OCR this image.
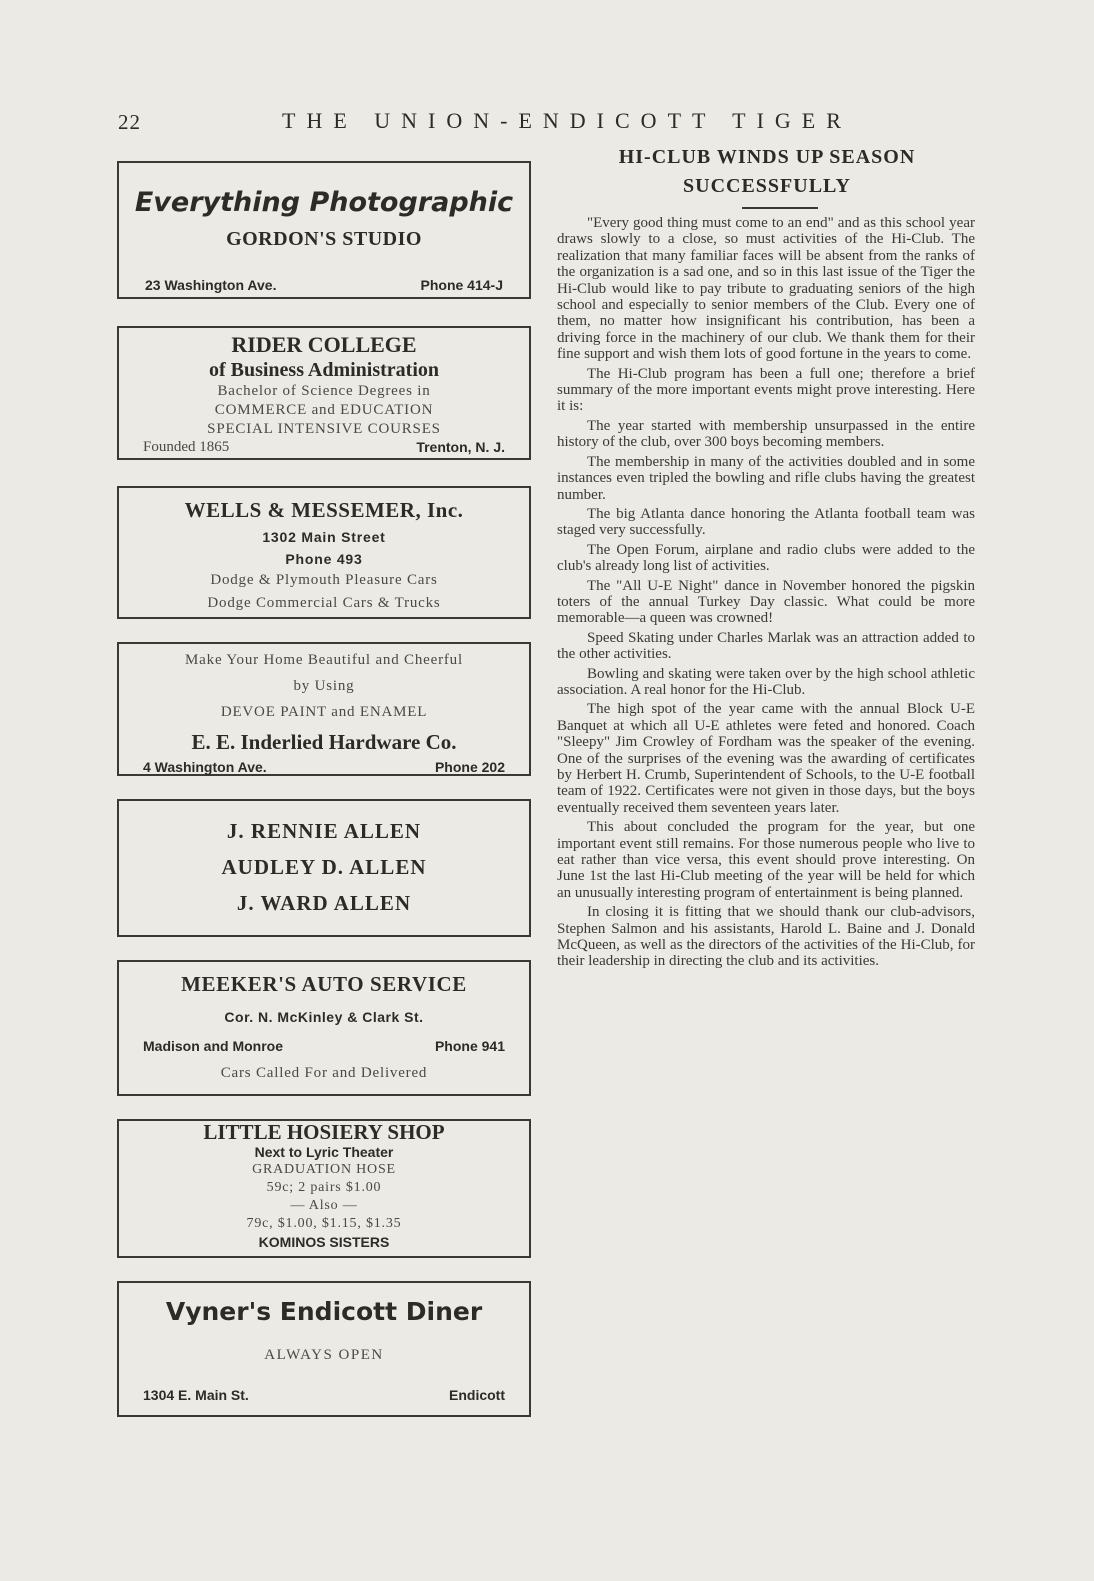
22	THE UNION-ENDICOTT TIGER
Everything Photographic
GORDON'S STUDIO
23 Washington Ave.	Phone 414-J
RIDER COLLEGE
of Business Administration
Bachelor of Science Degrees in
COMMERCE and EDUCATION
SPECIAL INTENSIVE COURSES
Founded 1865	Trenton, N. J.
WELLS & MESSEMER, Inc.
1302 Main Street
Phone 493
Dodge & Plymouth Pleasure Cars
Dodge Commercial Cars & Trucks
Make Your Home Beautiful and Cheerful
by Using
DEVOE PAINT and ENAMEL
E. E. Inderlied Hardware Co.
4 Washington Ave.	Phone 202
J. RENNIE ALLEN
AUDLEY D. ALLEN
J. WARD ALLEN
MEEKER'S AUTO SERVICE
Cor. N. McKinley & Clark St.
Madison and Monroe	Phone 941
Cars Called For and Delivered
LITTLE HOSIERY SHOP
Next to Lyric Theater
GRADUATION HOSE
59c; 2 pairs $1.00
— Also —
79c, $1.00, $1.15, $1.35
KOMINOS SISTERS
Vyner's Endicott Diner
ALWAYS OPEN
1304 E. Main St.	Endicott
HI-CLUB WINDS UP SEASON
SUCCESSFULLY

"Every good thing must come to an end" and as this school year draws slowly to a close, so must activities of the Hi-Club. The realization that many familiar faces will be absent from the ranks of the organization is a sad one, and so in this last issue of the Tiger the Hi-Club would like to pay tribute to graduating seniors of the high school and especially to senior members of the Club. Every one of them, no matter how insignificant his contribution, has been a driving force in the machinery of our club. We thank them for their fine support and wish them lots of good fortune in the years to come.

The Hi-Club program has been a full one; therefore a brief summary of the more important events might prove interesting. Here it is:

The year started with membership unsurpassed in the entire history of the club, over 300 boys becoming members.

The membership in many of the activities doubled and in some instances even tripled the bowling and rifle clubs having the greatest number.

The big Atlanta dance honoring the Atlanta football team was staged very successfully.

The Open Forum, airplane and radio clubs were added to the club's already long list of activities.

The "All U-E Night" dance in November honored the pigskin toters of the annual Turkey Day classic. What could be more memorable—a queen was crowned!

Speed Skating under Charles Marlak was an attraction added to the other activities.

Bowling and skating were taken over by the high school athletic association. A real honor for the Hi-Club.

The high spot of the year came with the annual Block U-E Banquet at which all U-E athletes were feted and honored. Coach "Sleepy" Jim Crowley of Fordham was the speaker of the evening. One of the surprises of the evening was the awarding of certificates by Herbert H. Crumb, Superintendent of Schools, to the U-E football team of 1922. Certificates were not given in those days, but the boys eventually received them seventeen years later.

This about concluded the program for the year, but one important event still remains. For those numerous people who live to eat rather than vice versa, this event should prove interesting. On June 1st the last Hi-Club meeting of the year will be held for which an unusually interesting program of entertainment is being planned.

In closing it is fitting that we should thank our club-advisors, Stephen Salmon and his assistants, Harold L. Baine and J. Donald McQueen, as well as the directors of the activities of the Hi-Club, for their leadership in directing the club and its activities.
